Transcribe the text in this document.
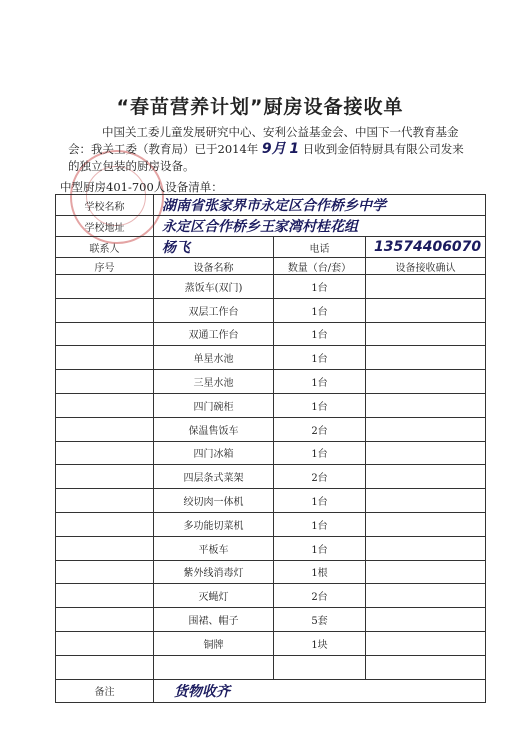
“春苗营养计划”厨房设备接收单
中国关工委儿童发展研究中心、安利公益基金会、中国下一代教育基金
会：我关工委（教育局）已于2014年 9月 1 日收到金佰特厨具有限公司发来
的独立包装的厨房设备。
中型厨房401-700人设备清单：
学校名称	湖南省张家界市永定区合作桥乡中学		
学校地址	永定区合作桥乡王家湾村桂花组		
联系人	杨飞	电话	13574406070
序号	设备名称	数量（台/套）	设备接收确认
	蒸饭车(双门)	1台	
	双层工作台	1台	
	双通工作台	1台	
	单星水池	1台	
	三星水池	1台	
	四门碗柜	1台	
	保温售饭车	2台	
	四门冰箱	1台	
	四层条式菜架	2台	
	绞切肉一体机	1台	
	多功能切菜机	1台	
	平板车	1台	
	紫外线消毒灯	1根	
	灭蝇灯	2台	
	围裙、帽子	5套	
	铜牌	1块	

备注	货物收齐		
